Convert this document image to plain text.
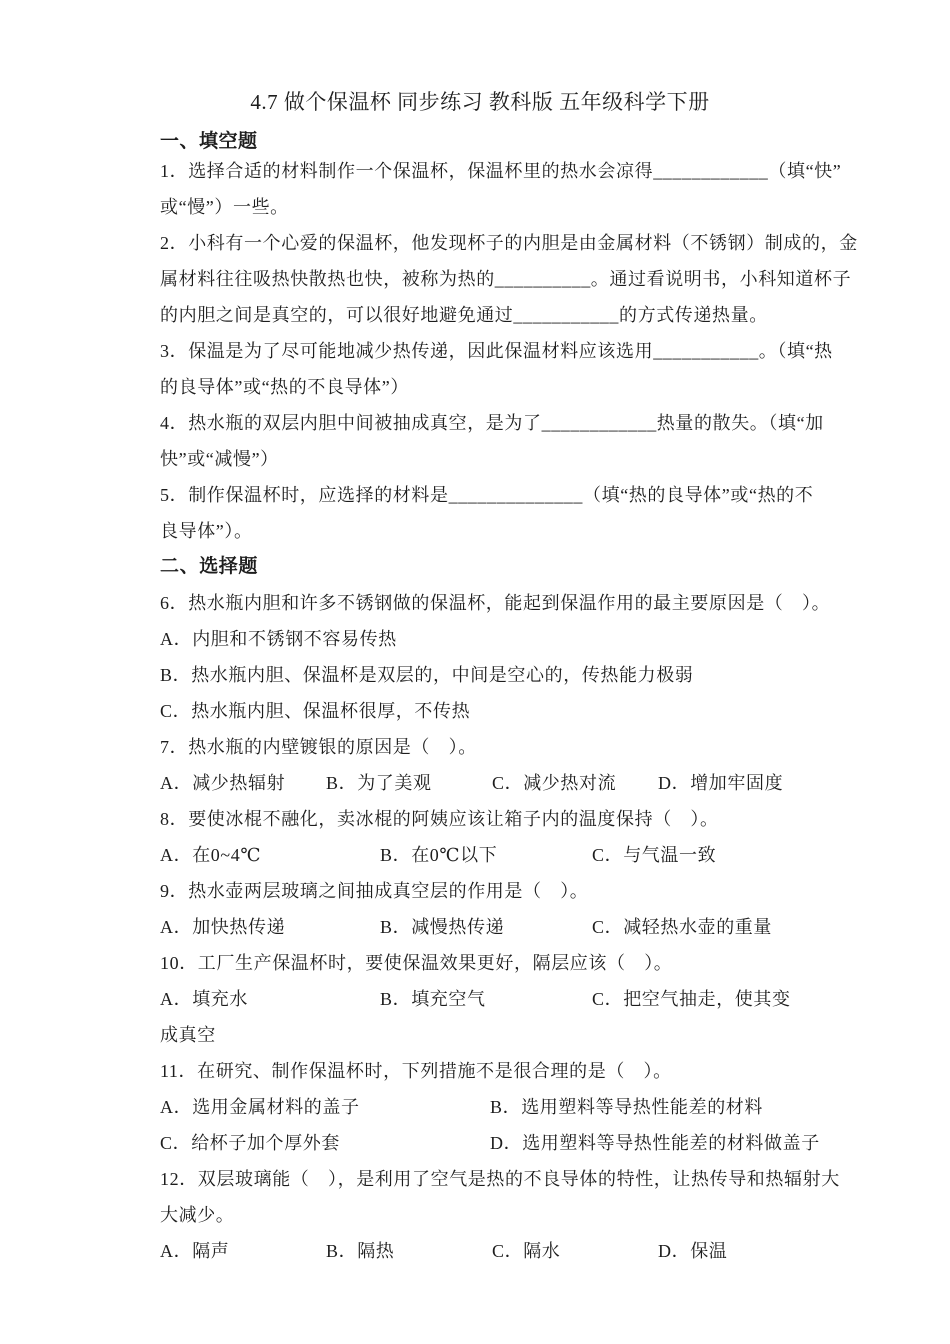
4.7 做个保温杯 同步练习 教科版 五年级科学下册
一、填空题
1．选择合适的材料制作一个保温杯，保温杯里的热水会凉得____________（填“快”
或“慢”）一些。
2．小科有一个心爱的保温杯，他发现杯子的内胆是由金属材料（不锈钢）制成的，金
属材料往往吸热快散热也快，被称为热的__________。通过看说明书，小科知道杯子
的内胆之间是真空的，可以很好地避免通过___________的方式传递热量。
3．保温是为了尽可能地减少热传递，因此保温材料应该选用___________。（填“热
的良导体”或“热的不良导体”）
4．热水瓶的双层内胆中间被抽成真空，是为了____________热量的散失。（填“加
快”或“减慢”）
5．制作保温杯时，应选择的材料是______________（填“热的良导体”或“热的不
良导体”）。
二、选择题
6．热水瓶内胆和许多不锈钢做的保温杯，能起到保温作用的最主要原因是（　）。
A．内胆和不锈钢不容易传热
B．热水瓶内胆、保温杯是双层的，中间是空心的，传热能力极弱
C．热水瓶内胆、保温杯很厚，不传热
7．热水瓶的内壁镀银的原因是（　）。
A．减少热辐射 B．为了美观	C．减少热对流 D．增加牢固度
8．要使冰棍不融化，卖冰棍的阿姨应该让箱子内的温度保持（　）。
A．在0~4℃	B．在0℃以下	C．与气温一致
9．热水壶两层玻璃之间抽成真空层的作用是（　）。
A．加快热传递	B．减慢热传递	C．减轻热水壶的重量
10．工厂生产保温杯时，要使保温效果更好，隔层应该（　）。
A．填充水	B．填充空气	C．把空气抽走，使其变
成真空
11．在研究、制作保温杯时，下列措施不是很合理的是（　）。
A．选用金属材料的盖子	B．选用塑料等导热性能差的材料
C．给杯子加个厚外套	D．选用塑料等导热性能差的材料做盖子
12．双层玻璃能（　），是利用了空气是热的不良导体的特性，让热传导和热辐射大
大减少。
A．隔声	B．隔热	C．隔水	D．保温
